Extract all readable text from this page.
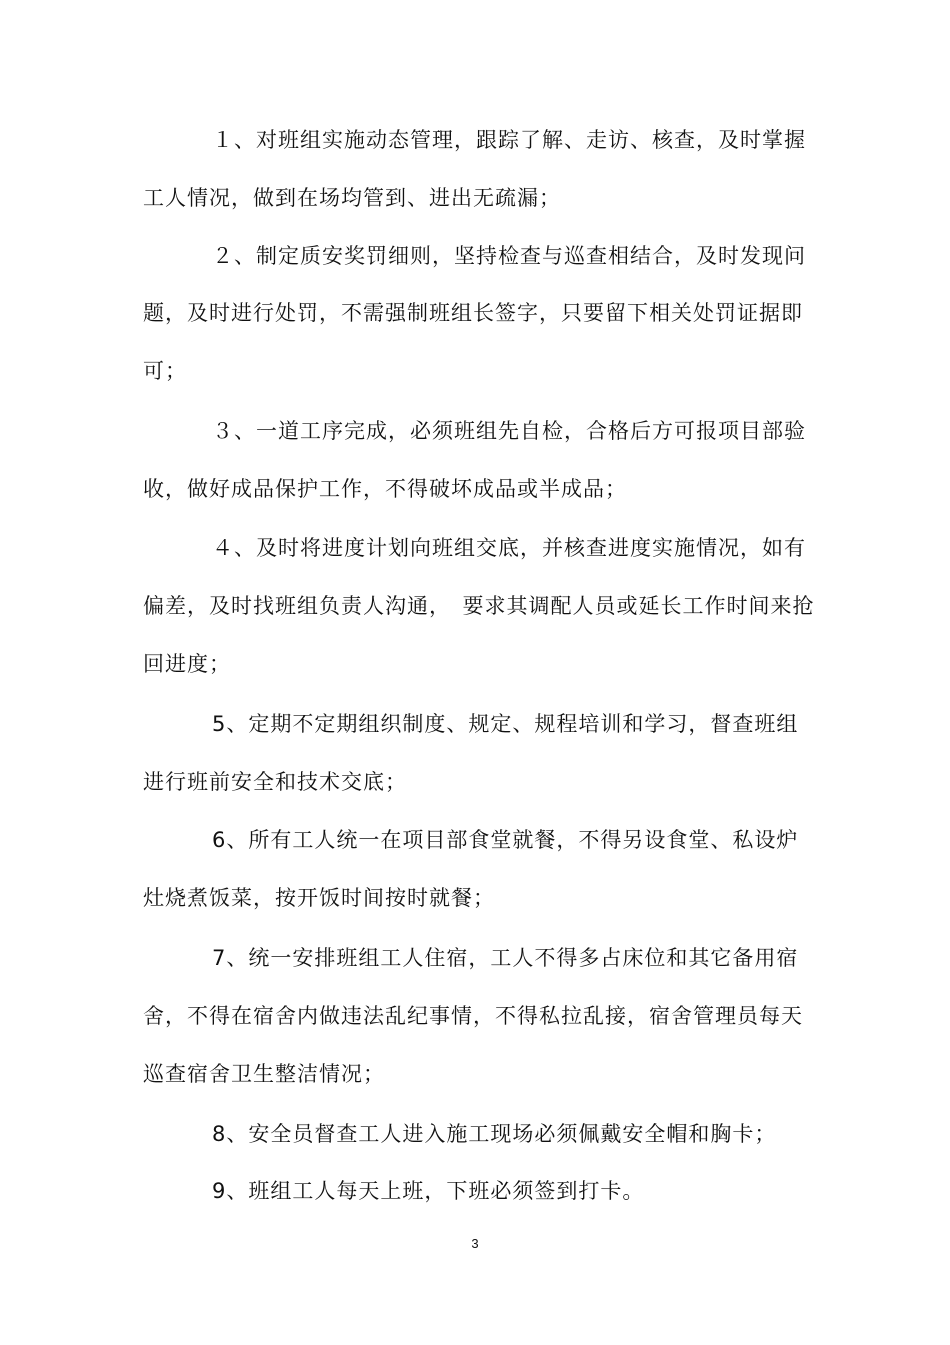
１、对班组实施动态管理，跟踪了解、走访、核查，及时掌握
工人情况，做到在场均管到、进出无疏漏；
２、制定质安奖罚细则，坚持检查与巡查相结合，及时发现问
题，及时进行处罚，不需强制班组长签字，只要留下相关处罚证据即
可；
３、一道工序完成，必须班组先自检，合格后方可报项目部验
收，做好成品保护工作，不得破坏成品或半成品；
４、及时将进度计划向班组交底，并核查进度实施情况，如有
偏差，及时找班组负责人沟通，　要求其调配人员或延长工作时间来抢
回进度；
5、定期不定期组织制度、规定、规程培训和学习，督查班组
进行班前安全和技术交底；
6、所有工人统一在项目部食堂就餐，不得另设食堂、私设炉
灶烧煮饭菜，按开饭时间按时就餐；
7、统一安排班组工人住宿，工人不得多占床位和其它备用宿
舍，不得在宿舍内做违法乱纪事情，不得私拉乱接，宿舍管理员每天
巡查宿舍卫生整洁情况；
8、安全员督查工人进入施工现场必须佩戴安全帽和胸卡；
9、班组工人每天上班，下班必须签到打卡。
3
